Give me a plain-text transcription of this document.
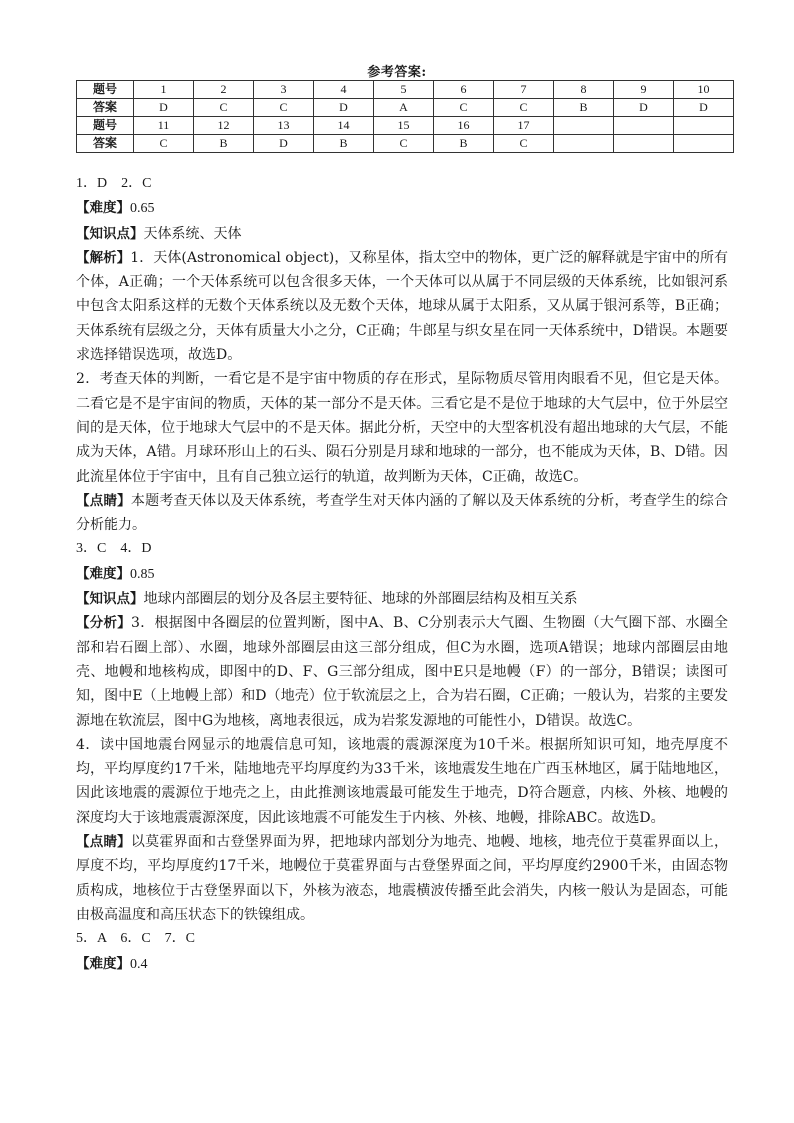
参考答案:
题号	1	2	3	4	5	6	7	8	9	10
答案	D	C	C	D	A	C	C	B	D	D
题号	11	12	13	14	15	16	17			
答案	C	B	D	B	C	B	C			

1．D　2．C

【难度】0.65

【知识点】天体系统、天体

【解析】1．天体(Astronomical object)，又称星体，指太空中的物体，更广泛的解释就是宇宙中的所有个体，A正确；一个天体系统可以包含很多天体，一个天体可以从属于不同层级的天体系统，比如银河系中包含太阳系这样的无数个天体系统以及无数个天体，地球从属于太阳系，又从属于银河系等，B正确；天体系统有层级之分，天体有质量大小之分，C正确；牛郎星与织女星在同一天体系统中，D错误。本题要求选择错误选项，故选D。

2．考查天体的判断，一看它是不是宇宙中物质的存在形式，星际物质尽管用肉眼看不见，但它是天体。二看它是不是宇宙间的物质，天体的某一部分不是天体。三看它是不是位于地球的大气层中，位于外层空间的是天体，位于地球大气层中的不是天体。据此分析，天空中的大型客机没有超出地球的大气层，不能成为天体，A错。月球环形山上的石头、陨石分别是月球和地球的一部分，也不能成为天体，B、D错。因此流星体位于宇宙中，且有自己独立运行的轨道，故判断为天体，C正确，故选C。

【点睛】本题考查天体以及天体系统，考查学生对天体内涵的了解以及天体系统的分析，考查学生的综合分析能力。

3．C　4．D

【难度】0.85

【知识点】地球内部圈层的划分及各层主要特征、地球的外部圈层结构及相互关系

【分析】3．根据图中各圈层的位置判断，图中A、B、C分别表示大气圈、生物圈（大气圈下部、水圈全部和岩石圈上部）、水圈，地球外部圈层由这三部分组成，但C为水圈，选项A错误；地球内部圈层由地壳、地幔和地核构成，即图中的D、F、G三部分组成，图中E只是地幔（F）的一部分，B错误；读图可知，图中E（上地幔上部）和D（地壳）位于软流层之上，合为岩石圈，C正确；一般认为，岩浆的主要发源地在软流层，图中G为地核，离地表很远，成为岩浆发源地的可能性小，D错误。故选C。

4．读中国地震台网显示的地震信息可知，该地震的震源深度为10千米。根据所知识可知，地壳厚度不均，平均厚度约17千米，陆地地壳平均厚度约为33千米，该地震发生地在广西玉林地区，属于陆地地区，因此该地震的震源位于地壳之上，由此推测该地震最可能发生于地壳，D符合题意，内核、外核、地幔的深度均大于该地震震源深度，因此该地震不可能发生于内核、外核、地幔，排除ABC。故选D。

【点睛】以莫霍界面和古登堡界面为界，把地球内部划分为地壳、地幔、地核，地壳位于莫霍界面以上，厚度不均，平均厚度约17千米，地幔位于莫霍界面与古登堡界面之间，平均厚度约2900千米，由固态物质构成，地核位于古登堡界面以下，外核为液态，地震横波传播至此会消失，内核一般认为是固态，可能由极高温度和高压状态下的铁镍组成。

5．A　6．C　7．C

【难度】0.4
